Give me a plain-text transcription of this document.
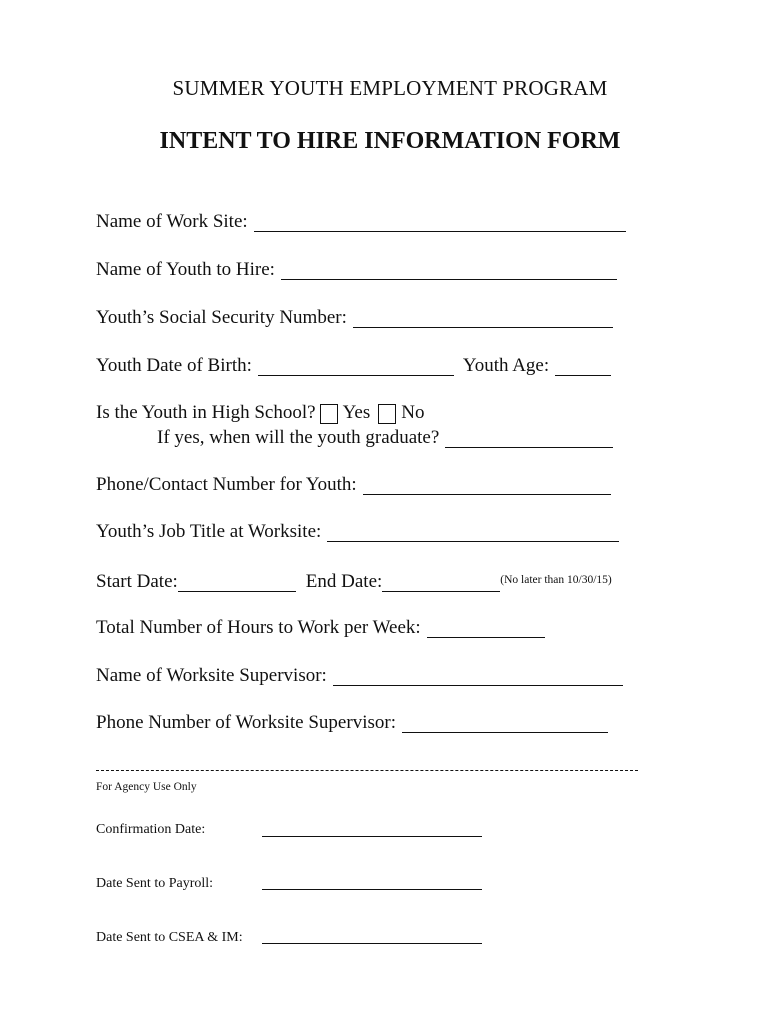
SUMMER YOUTH EMPLOYMENT PROGRAM
INTENT TO HIRE INFORMATION FORM
Name of Work Site:
Name of Youth to Hire:
Youth’s Social Security Number:
Youth Date of Birth:	Youth Age:
Is the Youth in High School? Yes No
If yes, when will the youth graduate?
Phone/Contact Number for Youth:
Youth’s Job Title at Worksite:
Start Date:	End Date:	(No later than 10/30/15)
Total Number of Hours to Work per Week:
Name of Worksite Supervisor:
Phone Number of Worksite Supervisor:
For Agency Use Only
Confirmation Date:
Date Sent to Payroll:
Date Sent to CSEA & IM:
